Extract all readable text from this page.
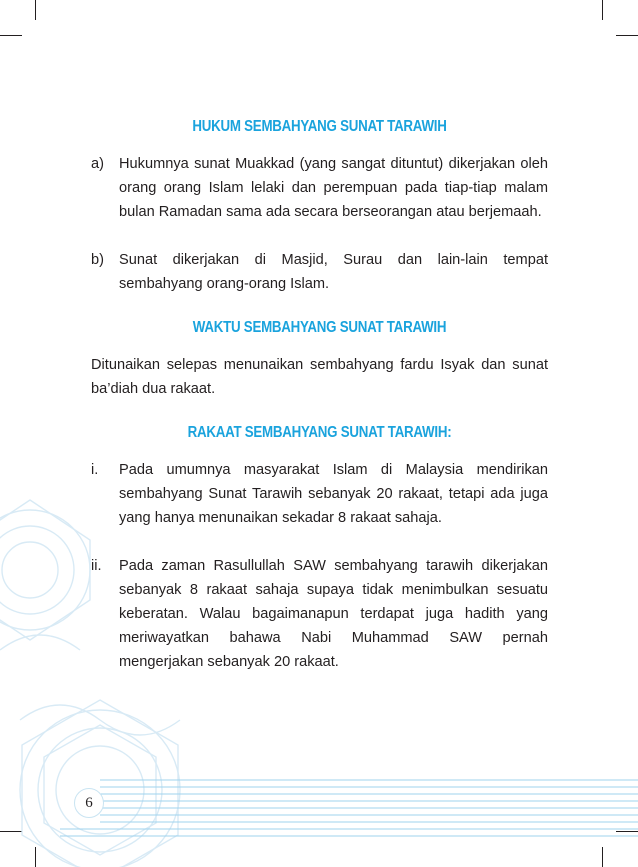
HUKUM SEMBAHYANG SUNAT TARAWIH
a) Hukumnya sunat Muakkad (yang sangat dituntut) dikerjakan oleh orang orang Islam lelaki dan perempuan pada tiap-tiap malam bulan Ramadan sama ada secara berseorangan atau berjemaah.
b) Sunat dikerjakan di Masjid, Surau dan lain-lain tempat sembahyang orang-orang Islam.
WAKTU SEMBAHYANG SUNAT TARAWIH
Ditunaikan selepas menunaikan sembahyang fardu Isyak dan sunat ba’diah dua rakaat.
RAKAAT SEMBAHYANG SUNAT TARAWIH:
i. Pada umumnya masyarakat Islam di Malaysia mendirikan sembahyang Sunat Tarawih sebanyak 20 rakaat, tetapi ada juga yang hanya menunaikan sekadar 8 rakaat sahaja.
ii. Pada zaman Rasullullah SAW sembahyang tarawih dikerjakan sebanyak 8 rakaat sahaja supaya tidak menimbulkan sesuatu keberatan. Walau bagaimanapun terdapat juga hadith yang meriwayatkan bahawa Nabi Muhammad SAW pernah mengerjakan sebanyak 20 rakaat.
6
